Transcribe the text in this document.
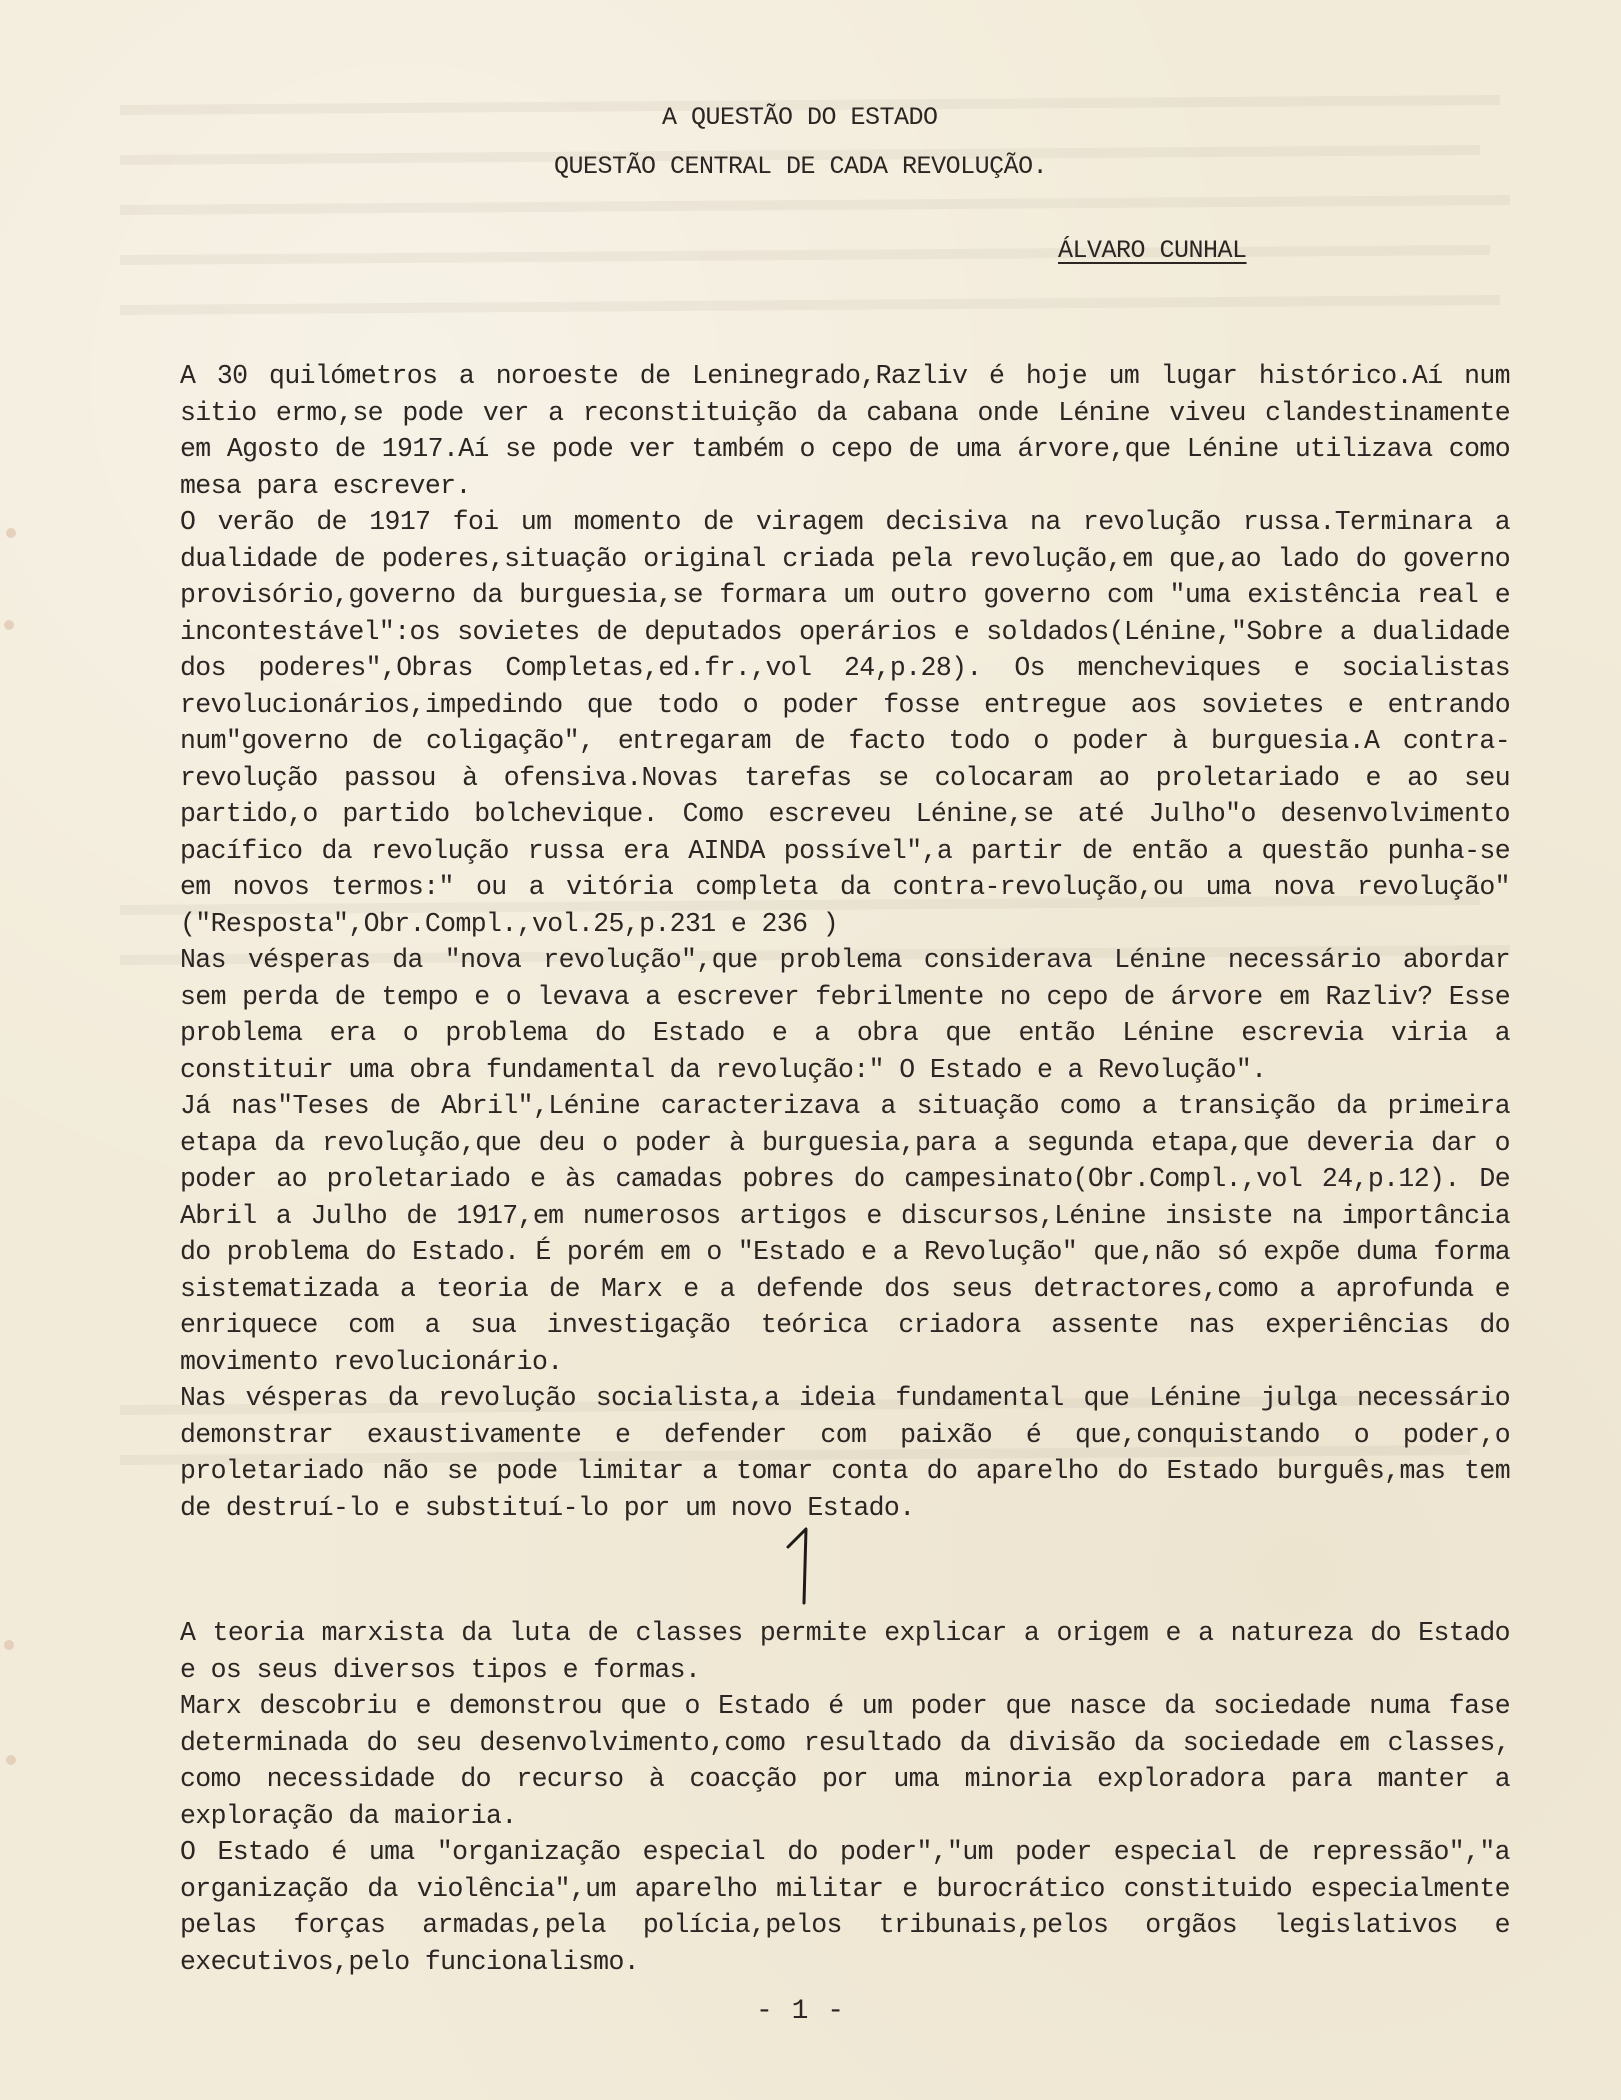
A QUESTÃO DO ESTADO
QUESTÃO CENTRAL DE CADA REVOLUÇÃO.
ÁLVARO CUNHAL

A 30 quilómetros a noroeste de Leninegrado,Razliv é hoje um lugar histórico.Aí num sitio ermo,se pode ver a reconstituição da cabana onde Lénine viveu clandestinamente em Agosto de 1917.Aí se pode ver também o cepo de uma árvore,que Lénine utilizava como mesa para escrever.

O verão de 1917 foi um momento de viragem decisiva na revolução russa.Terminara a dualidade de poderes,situação original criada pela revolução,em que,ao lado do governo provisório,governo da burguesia,se formara um outro governo com "uma existência real e incontestável":os sovietes de deputados operários e soldados(Lénine,"Sobre a dualidade dos poderes",Obras Completas,ed.fr.,vol 24,p.28). Os mencheviques e socialistas revolucionários,impedindo que todo o poder fosse entregue aos sovietes e entrando num"governo de coligação", entregaram de facto todo o poder à burguesia.A contra-revolução passou à ofensiva.Novas tarefas se colocaram ao proletariado e ao seu partido,o partido bolchevique. Como escreveu Lénine,se até Julho"o desenvolvimento pacífico da revolução russa era AINDA possível",a partir de então a questão punha-se em novos termos:" ou a vitória completa da contra-revolução,ou uma nova revolução" ("Resposta",Obr.Compl.,vol.25,p.231 e 236 )

Nas vésperas da "nova revolução",que problema considerava Lénine necessário abordar sem perda de tempo e o levava a escrever febrilmente no cepo de árvore em Razliv? Esse problema era o problema do Estado e a obra que então Lénine escrevia viria a constituir uma obra fundamental da revolução:" O Estado e a Revolução".

Já nas"Teses de Abril",Lénine caracterizava a situação como a transição da primeira etapa da revolução,que deu o poder à burguesia,para a segunda etapa,que deveria dar o poder ao proletariado e às camadas pobres do campesinato(Obr.Compl.,vol 24,p.12). De Abril a Julho de 1917,em numerosos artigos e discursos,Lénine insiste na importância do problema do Estado. É porém em o "Estado e a Revolução" que,não só expõe duma forma sistematizada a teoria de Marx e a defende dos seus detractores,como a aprofunda e enriquece com a sua investigação teórica criadora assente nas experiências do movimento revolucionário.

Nas vésperas da revolução socialista,a ideia fundamental que Lénine julga necessário demonstrar exaustivamente e defender com paixão é que,conquistando o poder,o proletariado não se pode limitar a tomar conta do aparelho do Estado burguês,mas tem de destruí-lo e substituí-lo por um novo Estado.

A teoria marxista da luta de classes permite explicar a origem e a natureza do Estado e os seus diversos tipos e formas.

Marx descobriu e demonstrou que o Estado é um poder que nasce da sociedade numa fase determinada do seu desenvolvimento,como resultado da divisão da sociedade em classes, como necessidade do recurso à coacção por uma minoria exploradora para manter a exploração da maioria.

O Estado é uma "organização especial do poder","um poder especial de repressão","a organização da violência",um aparelho militar e burocrático constituido especialmente pelas forças armadas,pela polícia,pelos tribunais,pelos orgãos legislativos e executivos,pelo funcionalismo.

- 1 -
